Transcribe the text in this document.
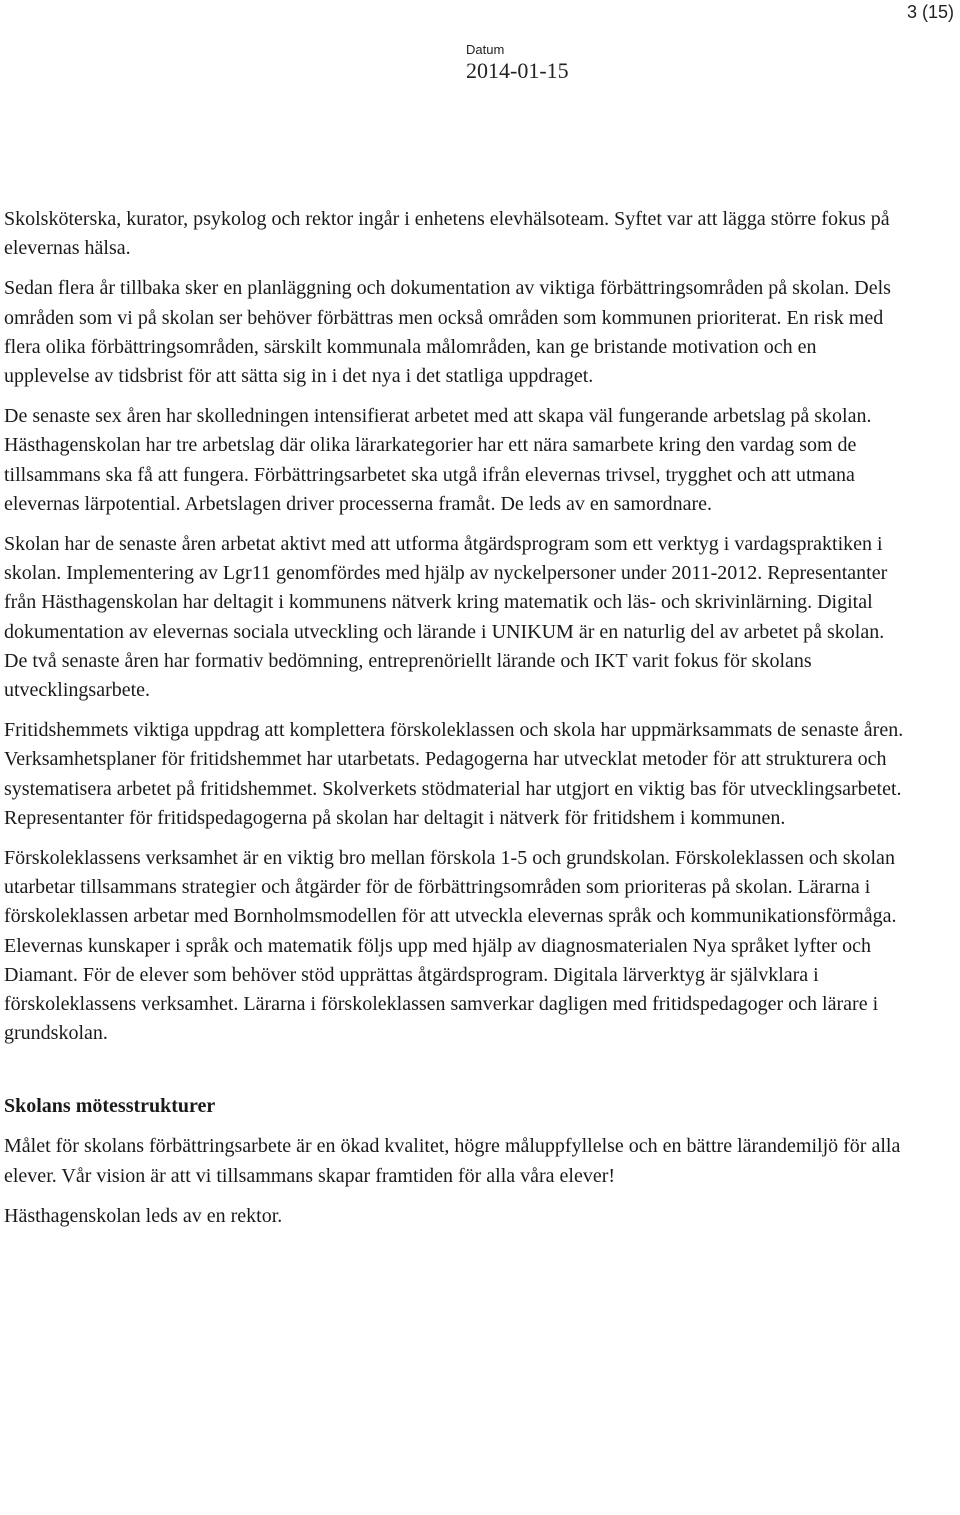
3 (15)
Datum
2014-01-15

Skolsköterska, kurator, psykolog och rektor ingår i enhetens elevhälsoteam. Syftet var att lägga större fokus på elevernas hälsa.

Sedan flera år tillbaka sker en planläggning och dokumentation av viktiga förbättringsområden på skolan. Dels områden som vi på skolan ser behöver förbättras men också områden som kommunen prioriterat. En risk med flera olika förbättringsområden, särskilt kommunala målområden, kan ge bristande motivation och en upplevelse av tidsbrist för att sätta sig in i det nya i det statliga uppdraget.

De senaste sex åren har skolledningen intensifierat arbetet med att skapa väl fungerande arbetslag på skolan. Hästhagenskolan har tre arbetslag där olika lärarkategorier har ett nära samarbete kring den vardag som de tillsammans ska få att fungera. Förbättringsarbetet ska utgå ifrån elevernas trivsel, trygghet och att utmana elevernas lärpotential. Arbetslagen driver processerna framåt. De leds av en samordnare.

Skolan har de senaste åren arbetat aktivt med att utforma åtgärdsprogram som ett verktyg i vardagspraktiken i skolan. Implementering av Lgr11 genomfördes med hjälp av nyckelpersoner under 2011-2012. Representanter från Hästhagenskolan har deltagit i kommunens nätverk kring matematik och läs- och skrivinlärning. Digital dokumentation av elevernas sociala utveckling och lärande i UNIKUM är en naturlig del av arbetet på skolan. De två senaste åren har formativ bedömning, entreprenöriellt lärande och IKT varit fokus för skolans utvecklingsarbete.

Fritidshemmets viktiga uppdrag att komplettera förskoleklassen och skola har uppmärksammats de senaste åren. Verksamhetsplaner för fritidshemmet har utarbetats. Pedagogerna har utvecklat metoder för att strukturera och systematisera arbetet på fritidshemmet. Skolverkets stödmaterial har utgjort en viktig bas för utvecklingsarbetet. Representanter för fritidspedagogerna på skolan har deltagit i nätverk för fritidshem i kommunen.

Förskoleklassens verksamhet är en viktig bro mellan förskola 1-5 och grundskolan. Förskoleklassen och skolan utarbetar tillsammans strategier och åtgärder för de förbättringsområden som prioriteras på skolan. Lärarna i förskoleklassen arbetar med Bornholmsmodellen för att utveckla elevernas språk och kommunikationsförmåga. Elevernas kunskaper i språk och matematik följs upp med hjälp av diagnosmaterialen Nya språket lyfter och Diamant. För de elever som behöver stöd upprättas åtgärdsprogram. Digitala lärverktyg är självklara i förskoleklassens verksamhet. Lärarna i förskoleklassen samverkar dagligen med fritidspedagoger och lärare i grundskolan.

Skolans mötesstrukturer

Målet för skolans förbättringsarbete är en ökad kvalitet, högre måluppfyllelse och en bättre lärandemiljö för alla elever. Vår vision är att vi tillsammans skapar framtiden för alla våra elever!

Hästhagenskolan leds av en rektor.
